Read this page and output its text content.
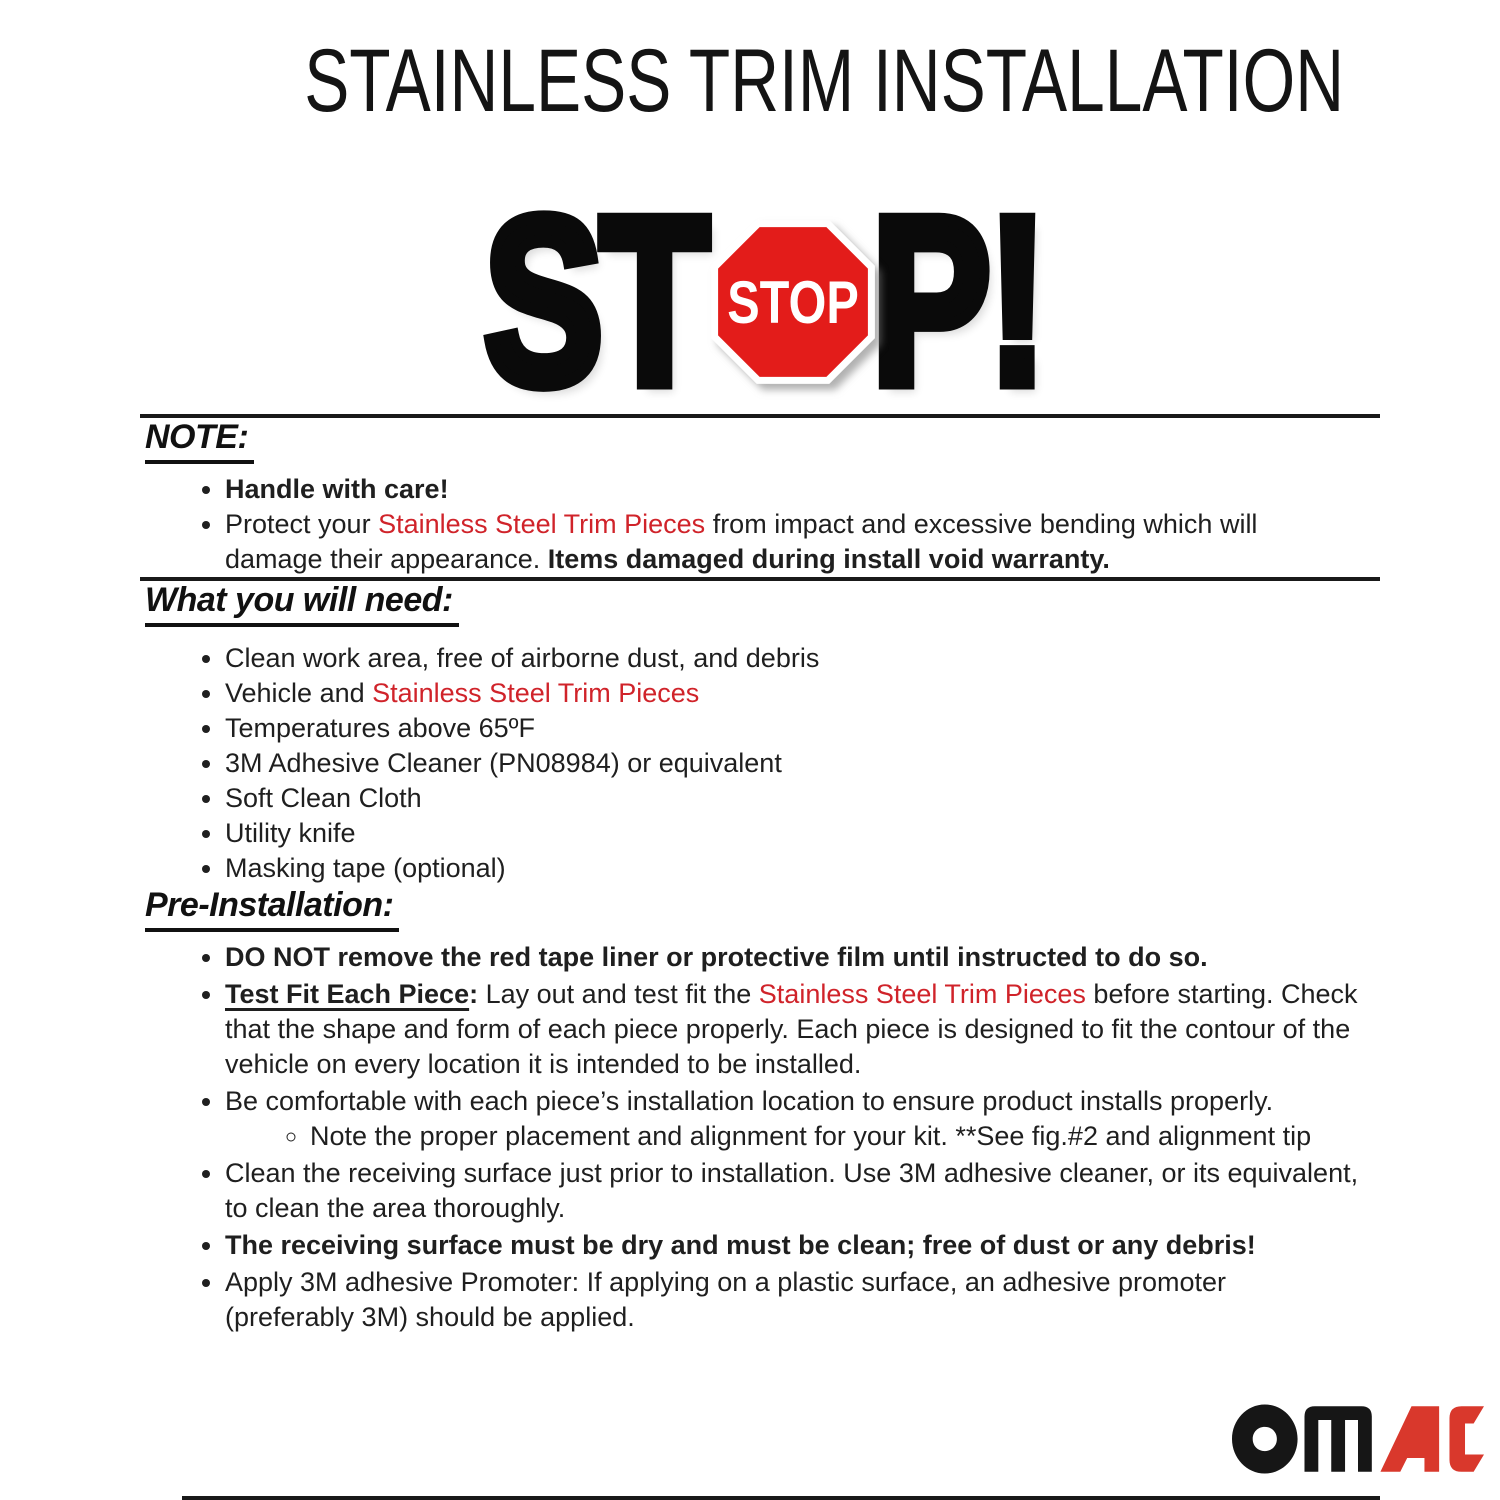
STAINLESS TRIM INSTALLATION
ST STOP P!
NOTE:
• Handle with care!
• Protect your Stainless Steel Trim Pieces from impact and excessive bending which will damage their appearance. Items damaged during install void warranty.
What you will need:
• Clean work area, free of airborne dust, and debris
• Vehicle and Stainless Steel Trim Pieces
• Temperatures above 65ºF
• 3M Adhesive Cleaner (PN08984) or equivalent
• Soft Clean Cloth
• Utility knife
• Masking tape (optional)
Pre-Installation:
• DO NOT remove the red tape liner or protective film until instructed to do so.
• Test Fit Each Piece: Lay out and test fit the Stainless Steel Trim Pieces before starting. Check that the shape and form of each piece properly. Each piece is designed to fit the contour of the vehicle on every location it is intended to be installed.
• Be comfortable with each piece’s installation location to ensure product installs properly.
◦ Note the proper placement and alignment for your kit. **See fig.#2 and alignment tip
• Clean the receiving surface just prior to installation. Use 3M adhesive cleaner, or its equivalent, to clean the area thoroughly.
• The receiving surface must be dry and must be clean; free of dust or any debris!
• Apply 3M adhesive Promoter: If applying on a plastic surface, an adhesive promoter (preferably 3M) should be applied.
